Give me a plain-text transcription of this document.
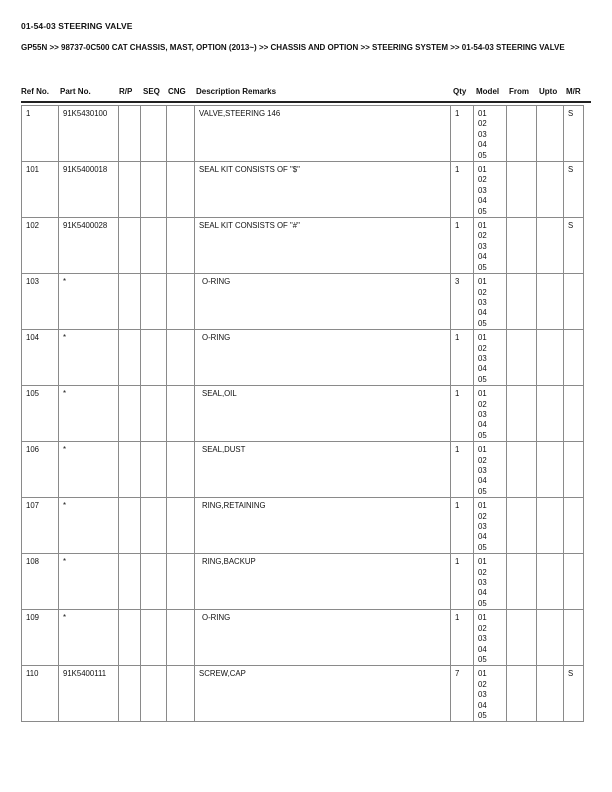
01-54-03 STEERING VALVE
GP55N >> 98737-0C500 CAT CHASSIS, MAST, OPTION (2013~) >> CHASSIS AND OPTION >> STEERING SYSTEM >> 01-54-03 STEERING VALVE
Ref No. Part No.	R/P SEQ CNG Description Remarks	Qty Model From Upto M/R
1	91K5430100				VALVE,STEERING 146	1	01
02
03
04
05			S
101	91K5400018				SEAL KIT CONSISTS OF "$"	1	01
02
03
04
05			S
102	91K5400028				SEAL KIT CONSISTS OF "#"	1	01
02
03
04
05			S
103	*				O-RING	3	01
02
03
04
05			

104	*				O-RING	1	01
02
03
04
05			

105	*				SEAL,OIL	1	01
02
03
04
05			

106	*				SEAL,DUST	1	01
02
03
04
05			

107	*				RING,RETAINING	1	01
02
03
04
05			

108	*				RING,BACKUP	1	01
02
03
04
05			

109	*				O-RING	1	01
02
03
04
05			

110	91K5400111				SCREW,CAP	7	01
02
03
04
05			S
